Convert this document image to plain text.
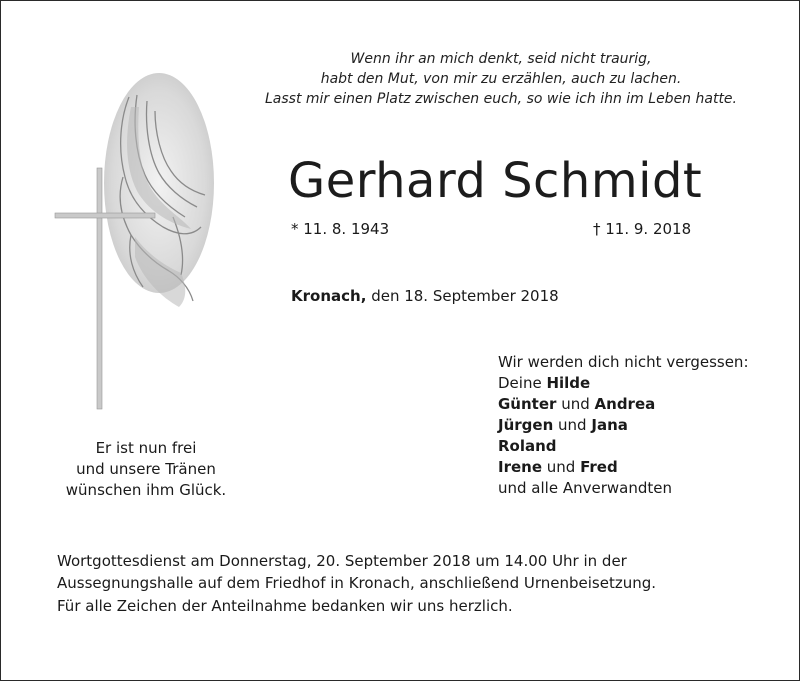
Wenn ihr an mich denkt, seid nicht traurig,
habt den Mut, von mir zu erzählen, auch zu lachen.
Lasst mir einen Platz zwischen euch, so wie ich ihn im Leben hatte.
Gerhard Schmidt
* 11. 8. 1943	† 11. 9. 2018
Kronach, den 18. September 2018
Wir werden dich nicht vergessen:
Deine Hilde
Günter und Andrea
Jürgen und Jana
Roland
Irene und Fred
und alle Anverwandten
Er ist nun frei
und unsere Tränen
wünschen ihm Glück.
Wortgottesdienst am Donnerstag, 20. September 2018 um 14.00 Uhr in der
Aussegnungshalle auf dem Friedhof in Kronach, anschließend Urnenbeisetzung.
Für alle Zeichen der Anteilnahme bedanken wir uns herzlich.
